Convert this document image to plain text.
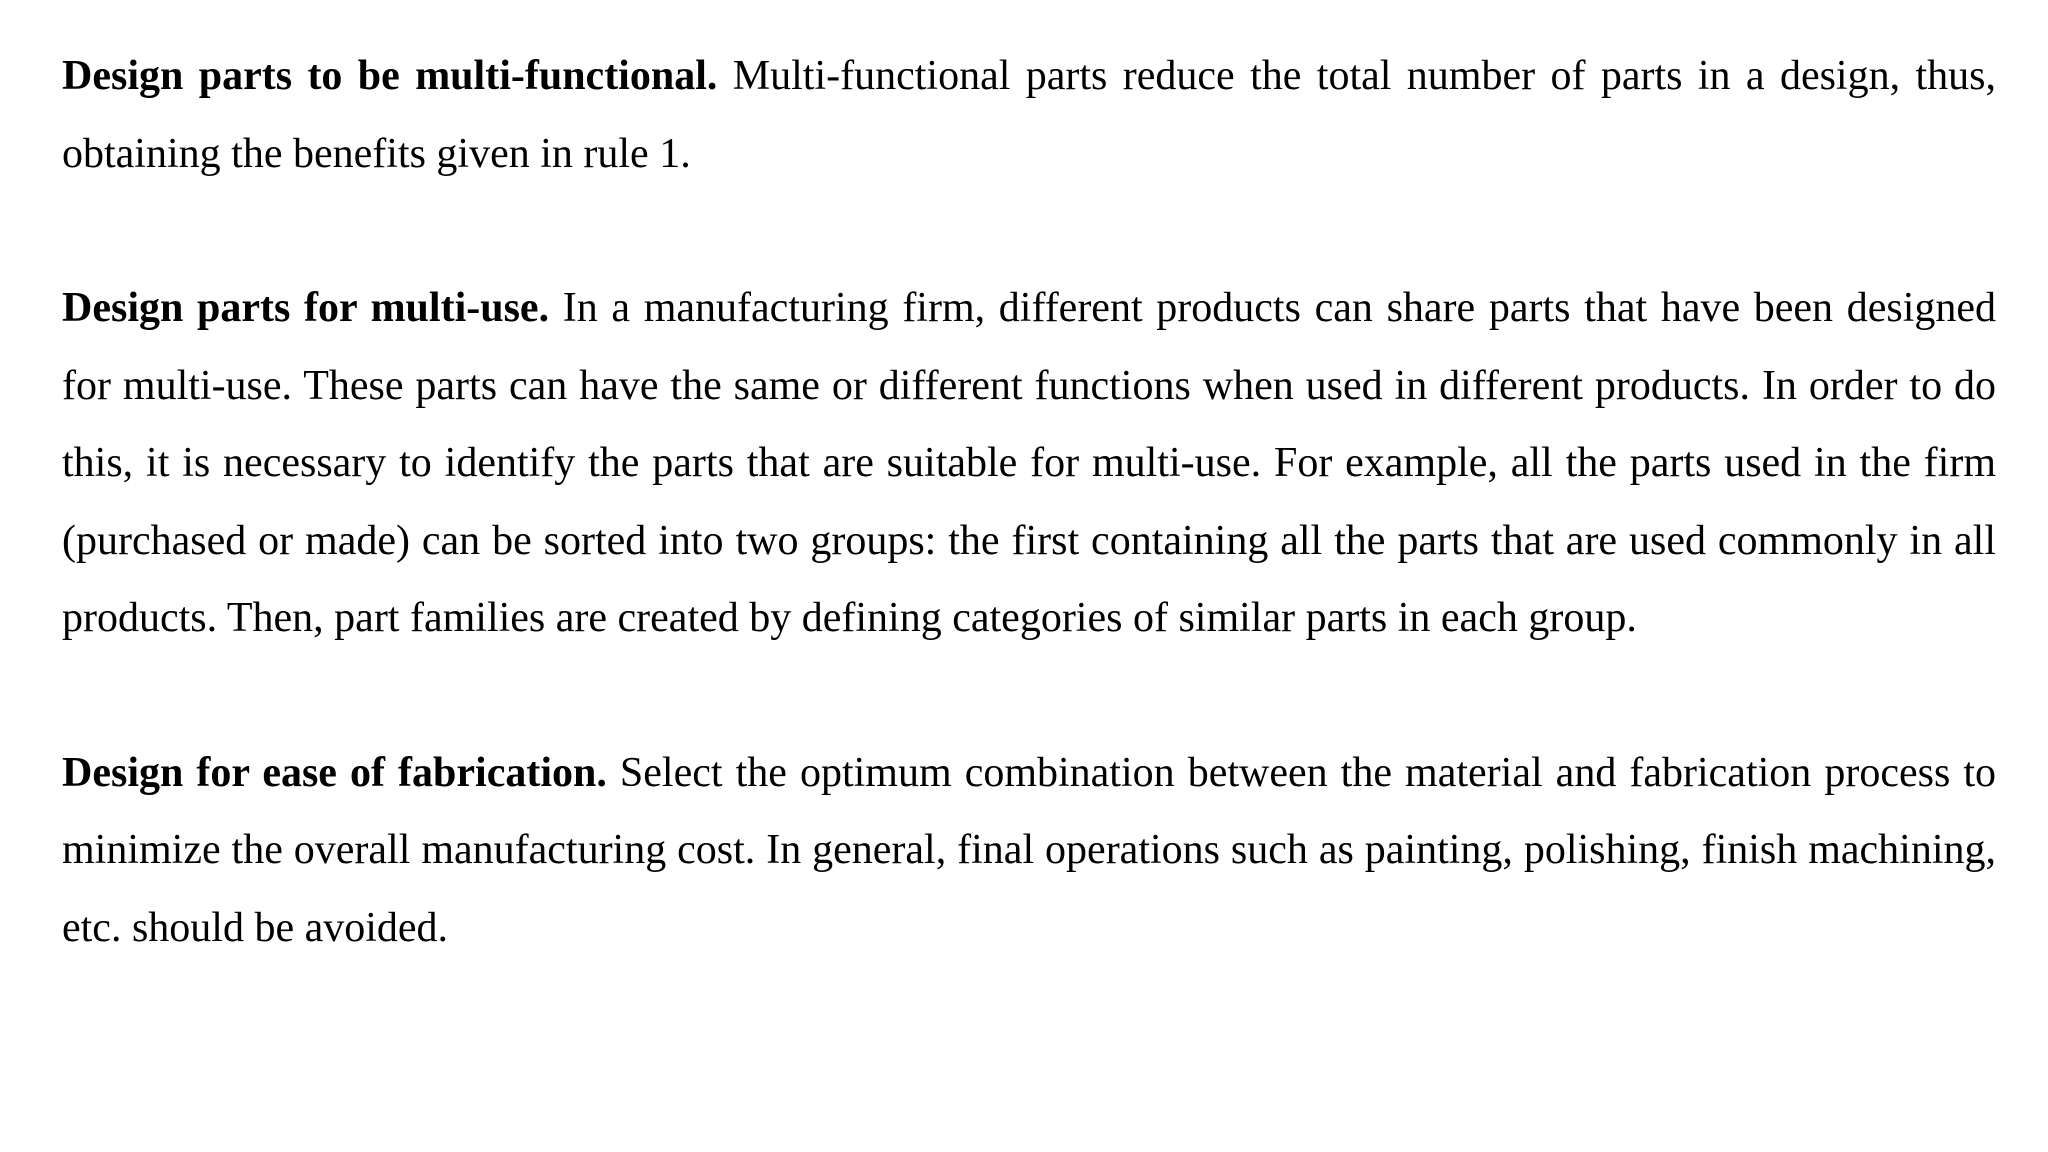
Design parts to be multi-functional. Multi-functional parts reduce the total number of parts in a design, thus, obtaining the benefits given in rule 1.

Design parts for multi-use. In a manufacturing firm, different products can share parts that have been designed for multi-use. These parts can have the same or different functions when used in different products. In order to do this, it is necessary to identify the parts that are suitable for multi-use. For example, all the parts used in the firm (purchased or made) can be sorted into two groups: the first containing all the parts that are used commonly in all products. Then, part families are created by defining categories of similar parts in each group.

Design for ease of fabrication. Select the optimum combination between the material and fabrication process to minimize the overall manufacturing cost. In general, final operations such as painting, polishing, finish machining, etc. should be avoided.
